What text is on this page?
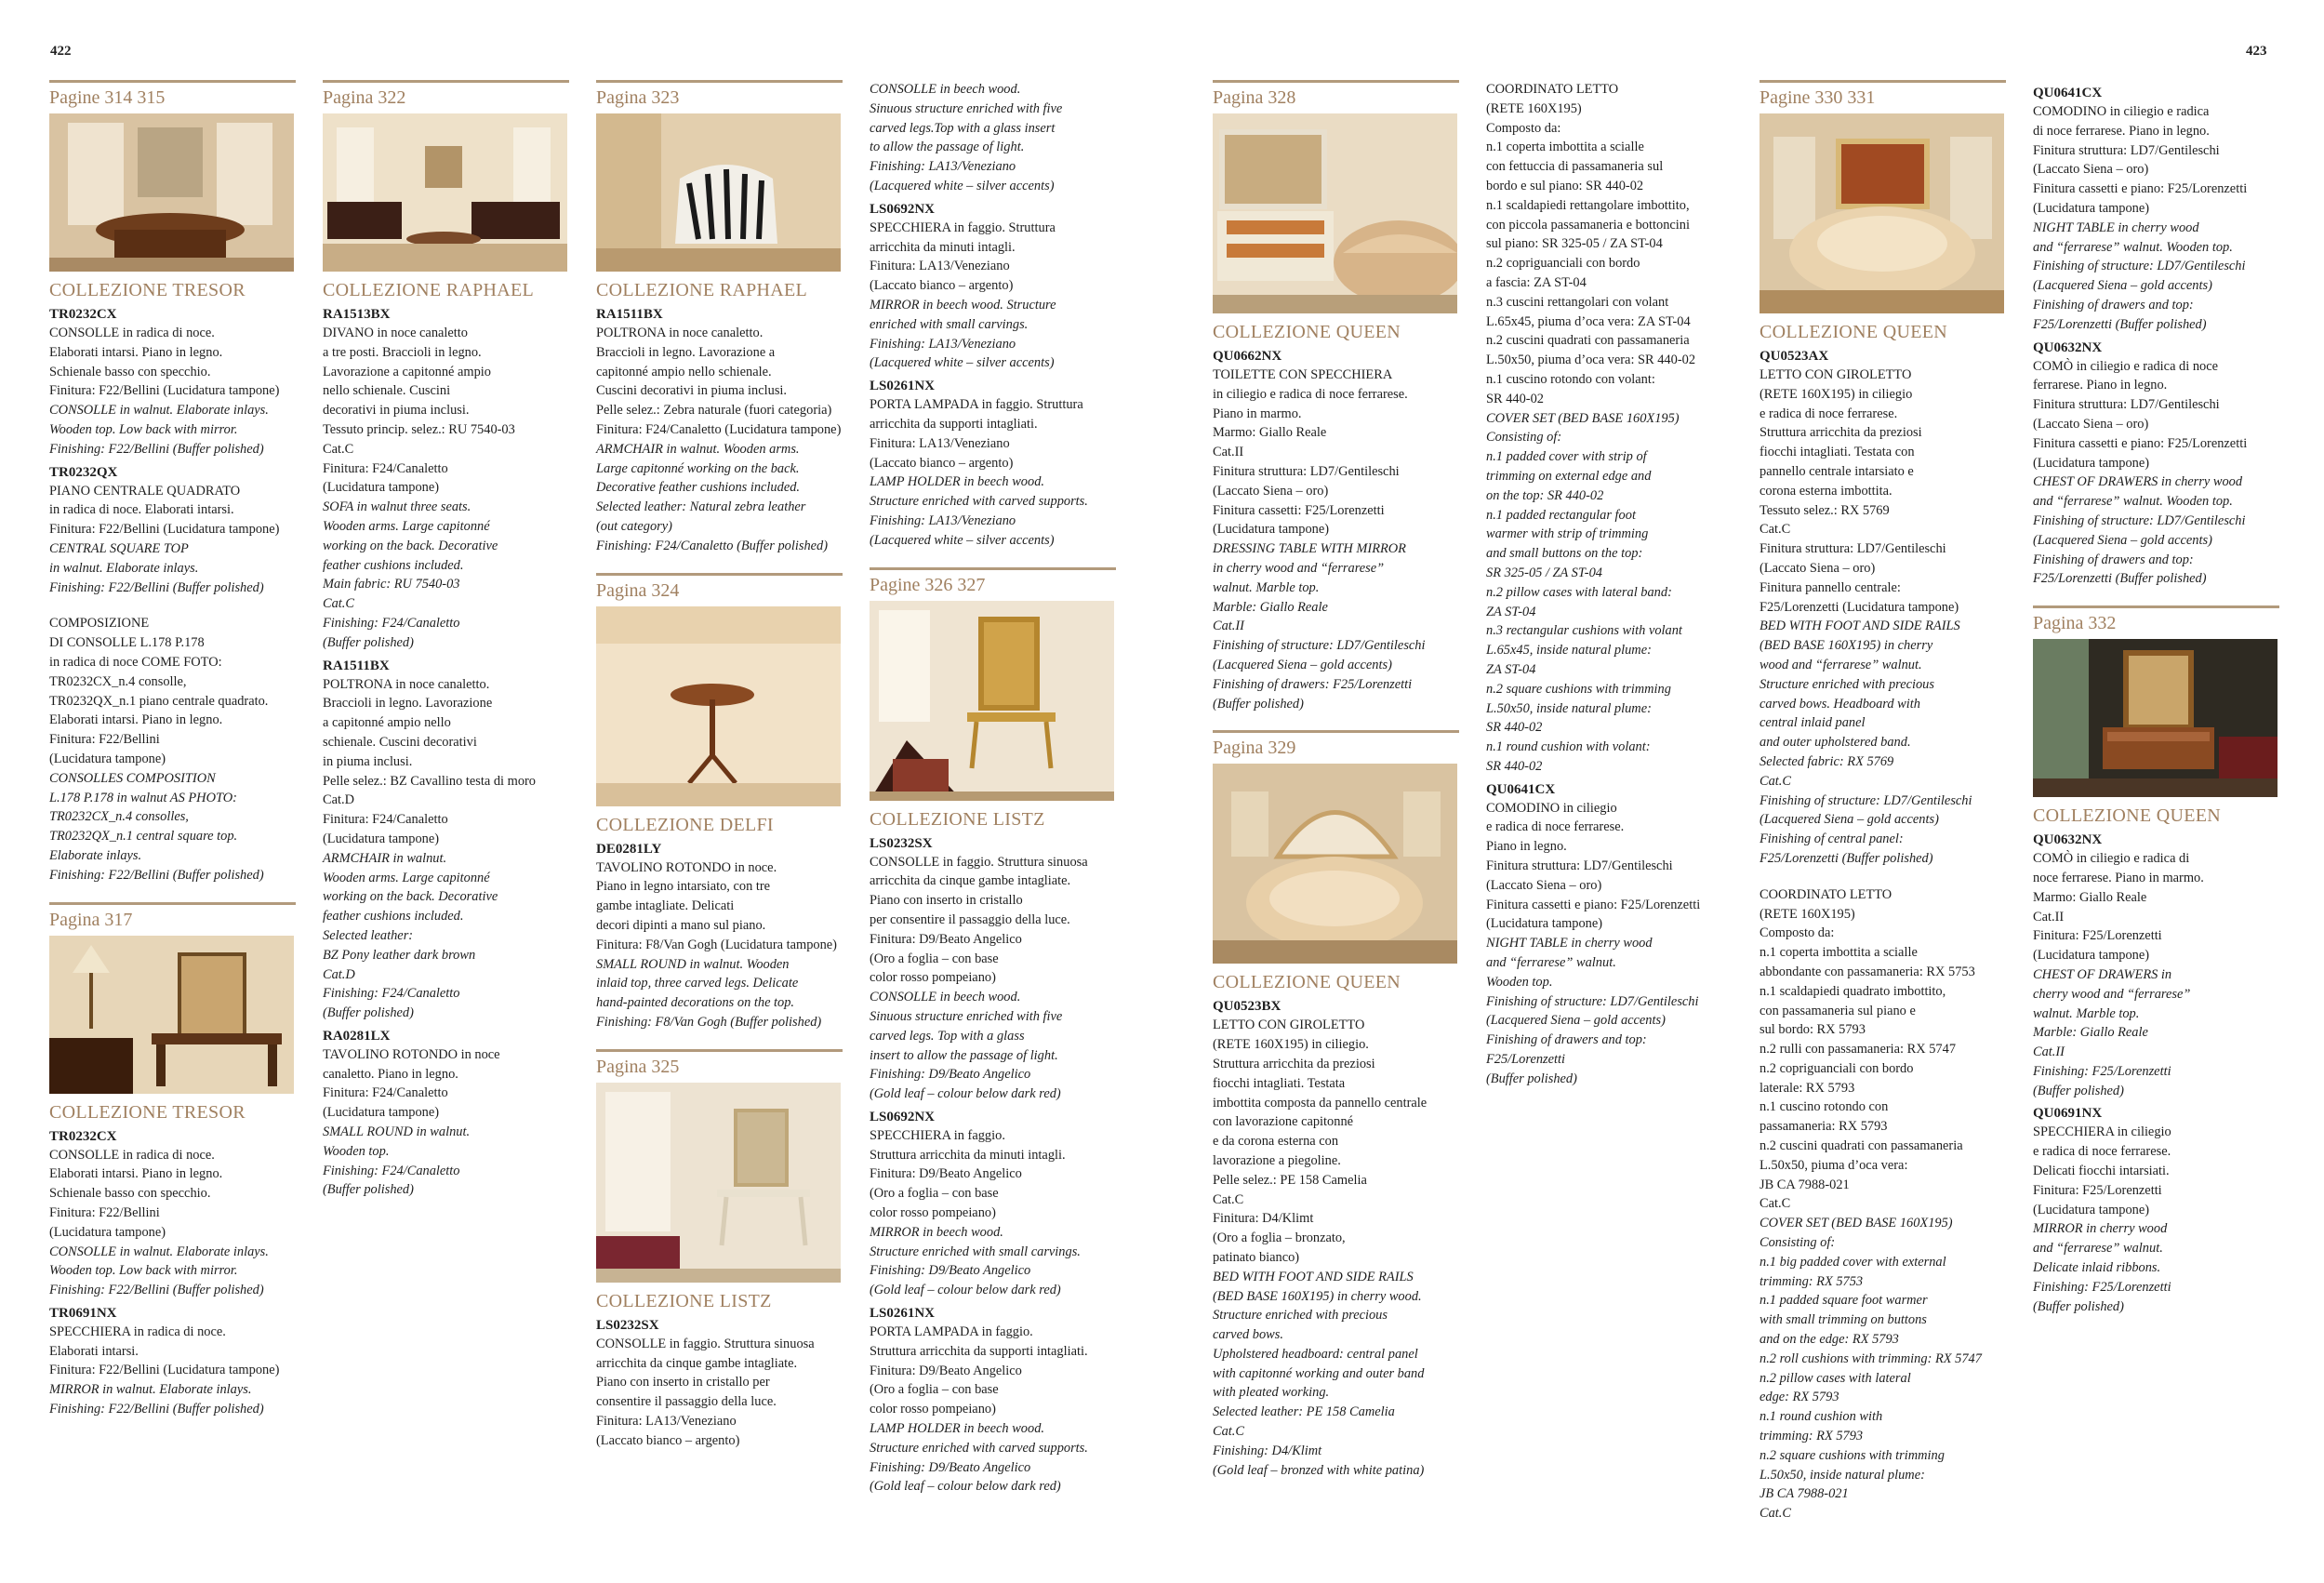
422	423
Pagine 314 315
COLLEZIONE TRESOR
TR0232CX
CONSOLLE in radica di noce.
Elaborati intarsi. Piano in legno.
Schienale basso con specchio.
Finitura: F22/Bellini (Lucidatura tampone)
CONSOLLE in walnut. Elaborate inlays.
Wooden top. Low back with mirror.
Finishing: F22/Bellini (Buffer polished)
TR0232QX
PIANO CENTRALE QUADRATO
in radica di noce. Elaborati intarsi.
Finitura: F22/Bellini (Lucidatura tampone)
CENTRAL SQUARE TOP
in walnut. Elaborate inlays.
Finishing: F22/Bellini (Buffer polished)
COMPOSIZIONE
DI CONSOLLE L.178 P.178
in radica di noce COME FOTO:
TR0232CX_n.4 consolle,
TR0232QX_n.1 piano centrale quadrato.
Elaborati intarsi. Piano in legno.
Finitura: F22/Bellini
(Lucidatura tampone)
CONSOLLES COMPOSITION
L.178 P.178 in walnut AS PHOTO:
TR0232CX_n.4 consolles,
TR0232QX_n.1 central square top.
Elaborate inlays.
Finishing: F22/Bellini (Buffer polished)
Pagina 317
COLLEZIONE TRESOR
TR0232CX
CONSOLLE in radica di noce.
Elaborati intarsi. Piano in legno.
Schienale basso con specchio.
Finitura: F22/Bellini
(Lucidatura tampone)
CONSOLLE in walnut. Elaborate inlays.
Wooden top. Low back with mirror.
Finishing: F22/Bellini (Buffer polished)
TR0691NX
SPECCHIERA in radica di noce.
Elaborati intarsi.
Finitura: F22/Bellini (Lucidatura tampone)
MIRROR in walnut. Elaborate inlays.
Finishing: F22/Bellini (Buffer polished)
Pagina 322
COLLEZIONE RAPHAEL
RA1513BX
DIVANO in noce canaletto
a tre posti. Braccioli in legno.
Lavorazione a capitonné ampio
nello schienale. Cuscini
decorativi in piuma inclusi.
Tessuto princip. selez.: RU 7540-03
Cat.C
Finitura: F24/Canaletto
(Lucidatura tampone)
SOFA in walnut three seats.
Wooden arms. Large capitonné
working on the back. Decorative
feather cushions included.
Main fabric: RU 7540-03
Cat.C
Finishing: F24/Canaletto
(Buffer polished)
RA1511BX
POLTRONA in noce canaletto.
Braccioli in legno. Lavorazione
a capitonné ampio nello
schienale. Cuscini decorativi
in piuma inclusi.
Pelle selez.: BZ Cavallino testa di moro
Cat.D
Finitura: F24/Canaletto
(Lucidatura tampone)
ARMCHAIR in walnut.
Wooden arms. Large capitonné
working on the back. Decorative
feather cushions included.
Selected leather:
BZ Pony leather dark brown
Cat.D
Finishing: F24/Canaletto
(Buffer polished)
RA0281LX
TAVOLINO ROTONDO in noce
canaletto. Piano in legno.
Finitura: F24/Canaletto
(Lucidatura tampone)
SMALL ROUND in walnut.
Wooden top.
Finishing: F24/Canaletto
(Buffer polished)
Pagina 323
COLLEZIONE RAPHAEL
RA1511BX
POLTRONA in noce canaletto.
Braccioli in legno. Lavorazione a
capitonné ampio nello schienale.
Cuscini decorativi in piuma inclusi.
Pelle selez.: Zebra naturale (fuori categoria)
Finitura: F24/Canaletto (Lucidatura tampone)
ARMCHAIR in walnut. Wooden arms.
Large capitonné working on the back.
Decorative feather cushions included.
Selected leather: Natural zebra leather
(out category)
Finishing: F24/Canaletto (Buffer polished)
Pagina 324
COLLEZIONE DELFI
DE0281LY
TAVOLINO ROTONDO in noce.
Piano in legno intarsiato, con tre
gambe intagliate. Delicati
decori dipinti a mano sul piano.
Finitura: F8/Van Gogh (Lucidatura tampone)
SMALL ROUND in walnut. Wooden
inlaid top, three carved legs. Delicate
hand-painted decorations on the top.
Finishing: F8/Van Gogh (Buffer polished)
Pagina 325
COLLEZIONE LISTZ
LS0232SX
CONSOLLE in faggio. Struttura sinuosa
arricchita da cinque gambe intagliate.
Piano con inserto in cristallo per
consentire il passaggio della luce.
Finitura: LA13/Veneziano
(Laccato bianco – argento)
CONSOLLE in beech wood.
Sinuous structure enriched with five
carved legs.Top with a glass insert
to allow the passage of light.
Finishing: LA13/Veneziano
(Lacquered white – silver accents)
LS0692NX
SPECCHIERA in faggio. Struttura
arricchita da minuti intagli.
Finitura: LA13/Veneziano
(Laccato bianco – argento)
MIRROR in beech wood. Structure
enriched with small carvings.
Finishing: LA13/Veneziano
(Lacquered white – silver accents)
LS0261NX
PORTA LAMPADA in faggio. Struttura
arricchita da supporti intagliati.
Finitura: LA13/Veneziano
(Laccato bianco – argento)
LAMP HOLDER in beech wood.
Structure enriched with carved supports.
Finishing: LA13/Veneziano
(Lacquered white – silver accents)
Pagine 326 327
COLLEZIONE LISTZ
LS0232SX
CONSOLLE in faggio. Struttura sinuosa
arricchita da cinque gambe intagliate.
Piano con inserto in cristallo
per consentire il passaggio della luce.
Finitura: D9/Beato Angelico
(Oro a foglia – con base
color rosso pompeiano)
CONSOLLE in beech wood.
Sinuous structure enriched with five
carved legs. Top with a glass
insert to allow the passage of light.
Finishing: D9/Beato Angelico
(Gold leaf – colour below dark red)
LS0692NX
SPECCHIERA in faggio.
Struttura arricchita da minuti intagli.
Finitura: D9/Beato Angelico
(Oro a foglia – con base
color rosso pompeiano)
MIRROR in beech wood.
Structure enriched with small carvings.
Finishing: D9/Beato Angelico
(Gold leaf – colour below dark red)
LS0261NX
PORTA LAMPADA in faggio.
Struttura arricchita da supporti intagliati.
Finitura: D9/Beato Angelico
(Oro a foglia – con base
color rosso pompeiano)
LAMP HOLDER in beech wood.
Structure enriched with carved supports.
Finishing: D9/Beato Angelico
(Gold leaf – colour below dark red)
Pagina 328
COLLEZIONE QUEEN
QU0662NX
TOILETTE CON SPECCHIERA
in ciliegio e radica di noce ferrarese.
Piano in marmo.
Marmo: Giallo Reale
Cat.II
Finitura struttura: LD7/Gentileschi
(Laccato Siena – oro)
Finitura cassetti: F25/Lorenzetti
(Lucidatura tampone)
DRESSING TABLE WITH MIRROR
in cherry wood and “ferrarese”
walnut. Marble top.
Marble: Giallo Reale
Cat.II
Finishing of structure: LD7/Gentileschi
(Lacquered Siena – gold accents)
Finishing of drawers: F25/Lorenzetti
(Buffer polished)
Pagina 329
COLLEZIONE QUEEN
QU0523BX
LETTO CON GIROLETTO
(RETE 160X195) in ciliegio.
Struttura arricchita da preziosi
fiocchi intagliati. Testata
imbottita composta da pannello centrale
con lavorazione capitonné
e da corona esterna con
lavorazione a piegoline.
Pelle selez.: PE 158 Camelia
Cat.C
Finitura: D4/Klimt
(Oro a foglia – bronzato,
patinato bianco)
BED WITH FOOT AND SIDE RAILS
(BED BASE 160X195) in cherry wood.
Structure enriched with precious
carved bows.
Upholstered headboard: central panel
with capitonné working and outer band
with pleated working.
Selected leather: PE 158 Camelia
Cat.C
Finishing: D4/Klimt
(Gold leaf – bronzed with white patina)
COORDINATO LETTO
(RETE 160X195)
Composto da:
n.1 coperta imbottita a scialle
con fettuccia di passamaneria sul
bordo e sul piano: SR 440-02
n.1 scaldapiedi rettangolare imbottito,
con piccola passamaneria e bottoncini
sul piano: SR 325-05 / ZA ST-04
n.2 copriguanciali con bordo
a fascia: ZA ST-04
n.3 cuscini rettangolari con volant
L.65x45, piuma d’oca vera: ZA ST-04
n.2 cuscini quadrati con passamaneria
L.50x50, piuma d’oca vera: SR 440-02
n.1 cuscino rotondo con volant:
SR 440-02
COVER SET (BED BASE 160X195)
Consisting of:
n.1 padded cover with strip of
trimming on external edge and
on the top: SR 440-02
n.1 padded rectangular foot
warmer with strip of trimming
and small buttons on the top:
SR 325-05 / ZA ST-04
n.2 pillow cases with lateral band:
ZA ST-04
n.3 rectangular cushions with volant
L.65x45, inside natural plume:
ZA ST-04
n.2 square cushions with trimming
L.50x50, inside natural plume:
SR 440-02
n.1 round cushion with volant:
SR 440-02
QU0641CX
COMODINO in ciliegio
e radica di noce ferrarese.
Piano in legno.
Finitura struttura: LD7/Gentileschi
(Laccato Siena – oro)
Finitura cassetti e piano: F25/Lorenzetti
(Lucidatura tampone)
NIGHT TABLE in cherry wood
and “ferrarese” walnut.
Wooden top.
Finishing of structure: LD7/Gentileschi
(Lacquered Siena – gold accents)
Finishing of drawers and top:
F25/Lorenzetti
(Buffer polished)
Pagine 330 331
COLLEZIONE QUEEN
QU0523AX
LETTO CON GIROLETTO
(RETE 160X195) in ciliegio
e radica di noce ferrarese.
Struttura arricchita da preziosi
fiocchi intagliati. Testata con
pannello centrale intarsiato e
corona esterna imbottita.
Tessuto selez.: RX 5769
Cat.C
Finitura struttura: LD7/Gentileschi
(Laccato Siena – oro)
Finitura pannello centrale:
F25/Lorenzetti (Lucidatura tampone)
BED WITH FOOT AND SIDE RAILS
(BED BASE 160X195) in cherry
wood and “ferrarese” walnut.
Structure enriched with precious
carved bows. Headboard with
central inlaid panel
and outer upholstered band.
Selected fabric: RX 5769
Cat.C
Finishing of structure: LD7/Gentileschi
(Lacquered Siena – gold accents)
Finishing of central panel:
F25/Lorenzetti (Buffer polished)
COORDINATO LETTO
(RETE 160X195)
Composto da:
n.1 coperta imbottita a scialle
abbondante con passamaneria: RX 5753
n.1 scaldapiedi quadrato imbottito,
con passamaneria sul piano e
sul bordo: RX 5793
n.2 rulli con passamaneria: RX 5747
n.2 copriguanciali con bordo
laterale: RX 5793
n.1 cuscino rotondo con
passamaneria: RX 5793
n.2 cuscini quadrati con passamaneria
L.50x50, piuma d’oca vera:
JB CA 7988-021
Cat.C
COVER SET (BED BASE 160X195)
Consisting of:
n.1 big padded cover with external
trimming: RX 5753
n.1 padded square foot warmer
with small trimming on buttons
and on the edge: RX 5793
n.2 roll cushions with trimming: RX 5747
n.2 pillow cases with lateral
edge: RX 5793
n.1 round cushion with
trimming: RX 5793
n.2 square cushions with trimming
L.50x50, inside natural plume:
JB CA 7988-021
Cat.C
QU0641CX
COMODINO in ciliegio e radica
di noce ferrarese. Piano in legno.
Finitura struttura: LD7/Gentileschi
(Laccato Siena – oro)
Finitura cassetti e piano: F25/Lorenzetti
(Lucidatura tampone)
NIGHT TABLE in cherry wood
and “ferrarese” walnut. Wooden top.
Finishing of structure: LD7/Gentileschi
(Lacquered Siena – gold accents)
Finishing of drawers and top:
F25/Lorenzetti (Buffer polished)
QU0632NX
COMÒ in ciliegio e radica di noce
ferrarese. Piano in legno.
Finitura struttura: LD7/Gentileschi
(Laccato Siena – oro)
Finitura cassetti e piano: F25/Lorenzetti
(Lucidatura tampone)
CHEST OF DRAWERS in cherry wood
and “ferrarese” walnut. Wooden top.
Finishing of structure: LD7/Gentileschi
(Lacquered Siena – gold accents)
Finishing of drawers and top:
F25/Lorenzetti (Buffer polished)
Pagina 332
COLLEZIONE QUEEN
QU0632NX
COMÒ in ciliegio e radica di
noce ferrarese. Piano in marmo.
Marmo: Giallo Reale
Cat.II
Finitura: F25/Lorenzetti
(Lucidatura tampone)
CHEST OF DRAWERS in
cherry wood and “ferrarese”
walnut. Marble top.
Marble: Giallo Reale
Cat.II
Finishing: F25/Lorenzetti
(Buffer polished)
QU0691NX
SPECCHIERA in ciliegio
e radica di noce ferrarese.
Delicati fiocchi intarsiati.
Finitura: F25/Lorenzetti
(Lucidatura tampone)
MIRROR in cherry wood
and “ferrarese” walnut.
Delicate inlaid ribbons.
Finishing: F25/Lorenzetti
(Buffer polished)
